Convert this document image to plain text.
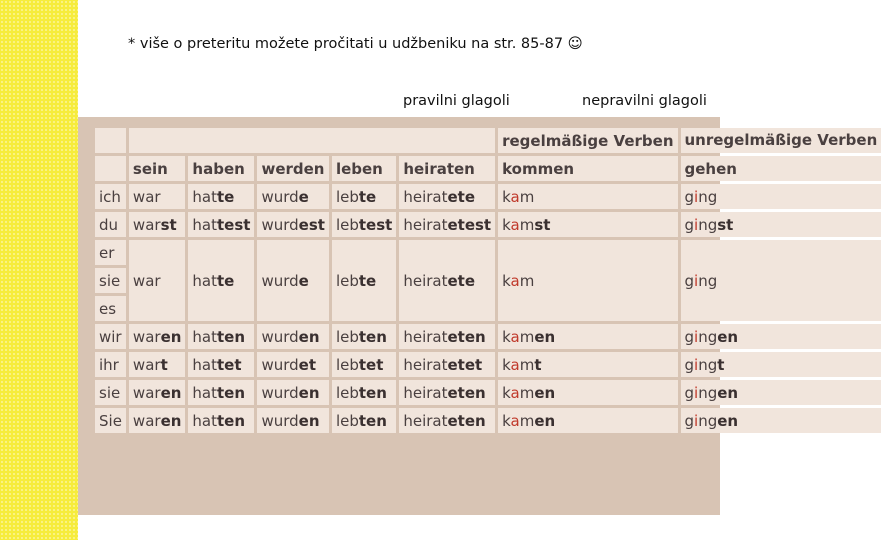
* više o preteritu možete pročitati u udžbeniku na str. 85-87 ☺
pravilni glagoli	nepravilni glagoli
						regelmäßige Verben	unregelmäßige Verben
	sein	haben	werden	leben	heiraten	kommen	gehen
ich	war	hatte	wurde	lebte	heiratete	kam	ging
du	warst	hattest	wurdest	lebtest	heiratetest	kamst	gingst
er	war	hatte	wurde	lebte	heiratete	kam	ging
sie							
es							
wir	waren	hatten	wurden	lebten	heirateten	kamen	gingen
ihr	wart	hattet	wurdet	lebtet	heiratetet	kamt	gingt
sie	waren	hatten	wurden	lebten	heirateten	kamen	gingen
Sie	waren	hatten	wurden	lebten	heirateten	kamen	gingen
